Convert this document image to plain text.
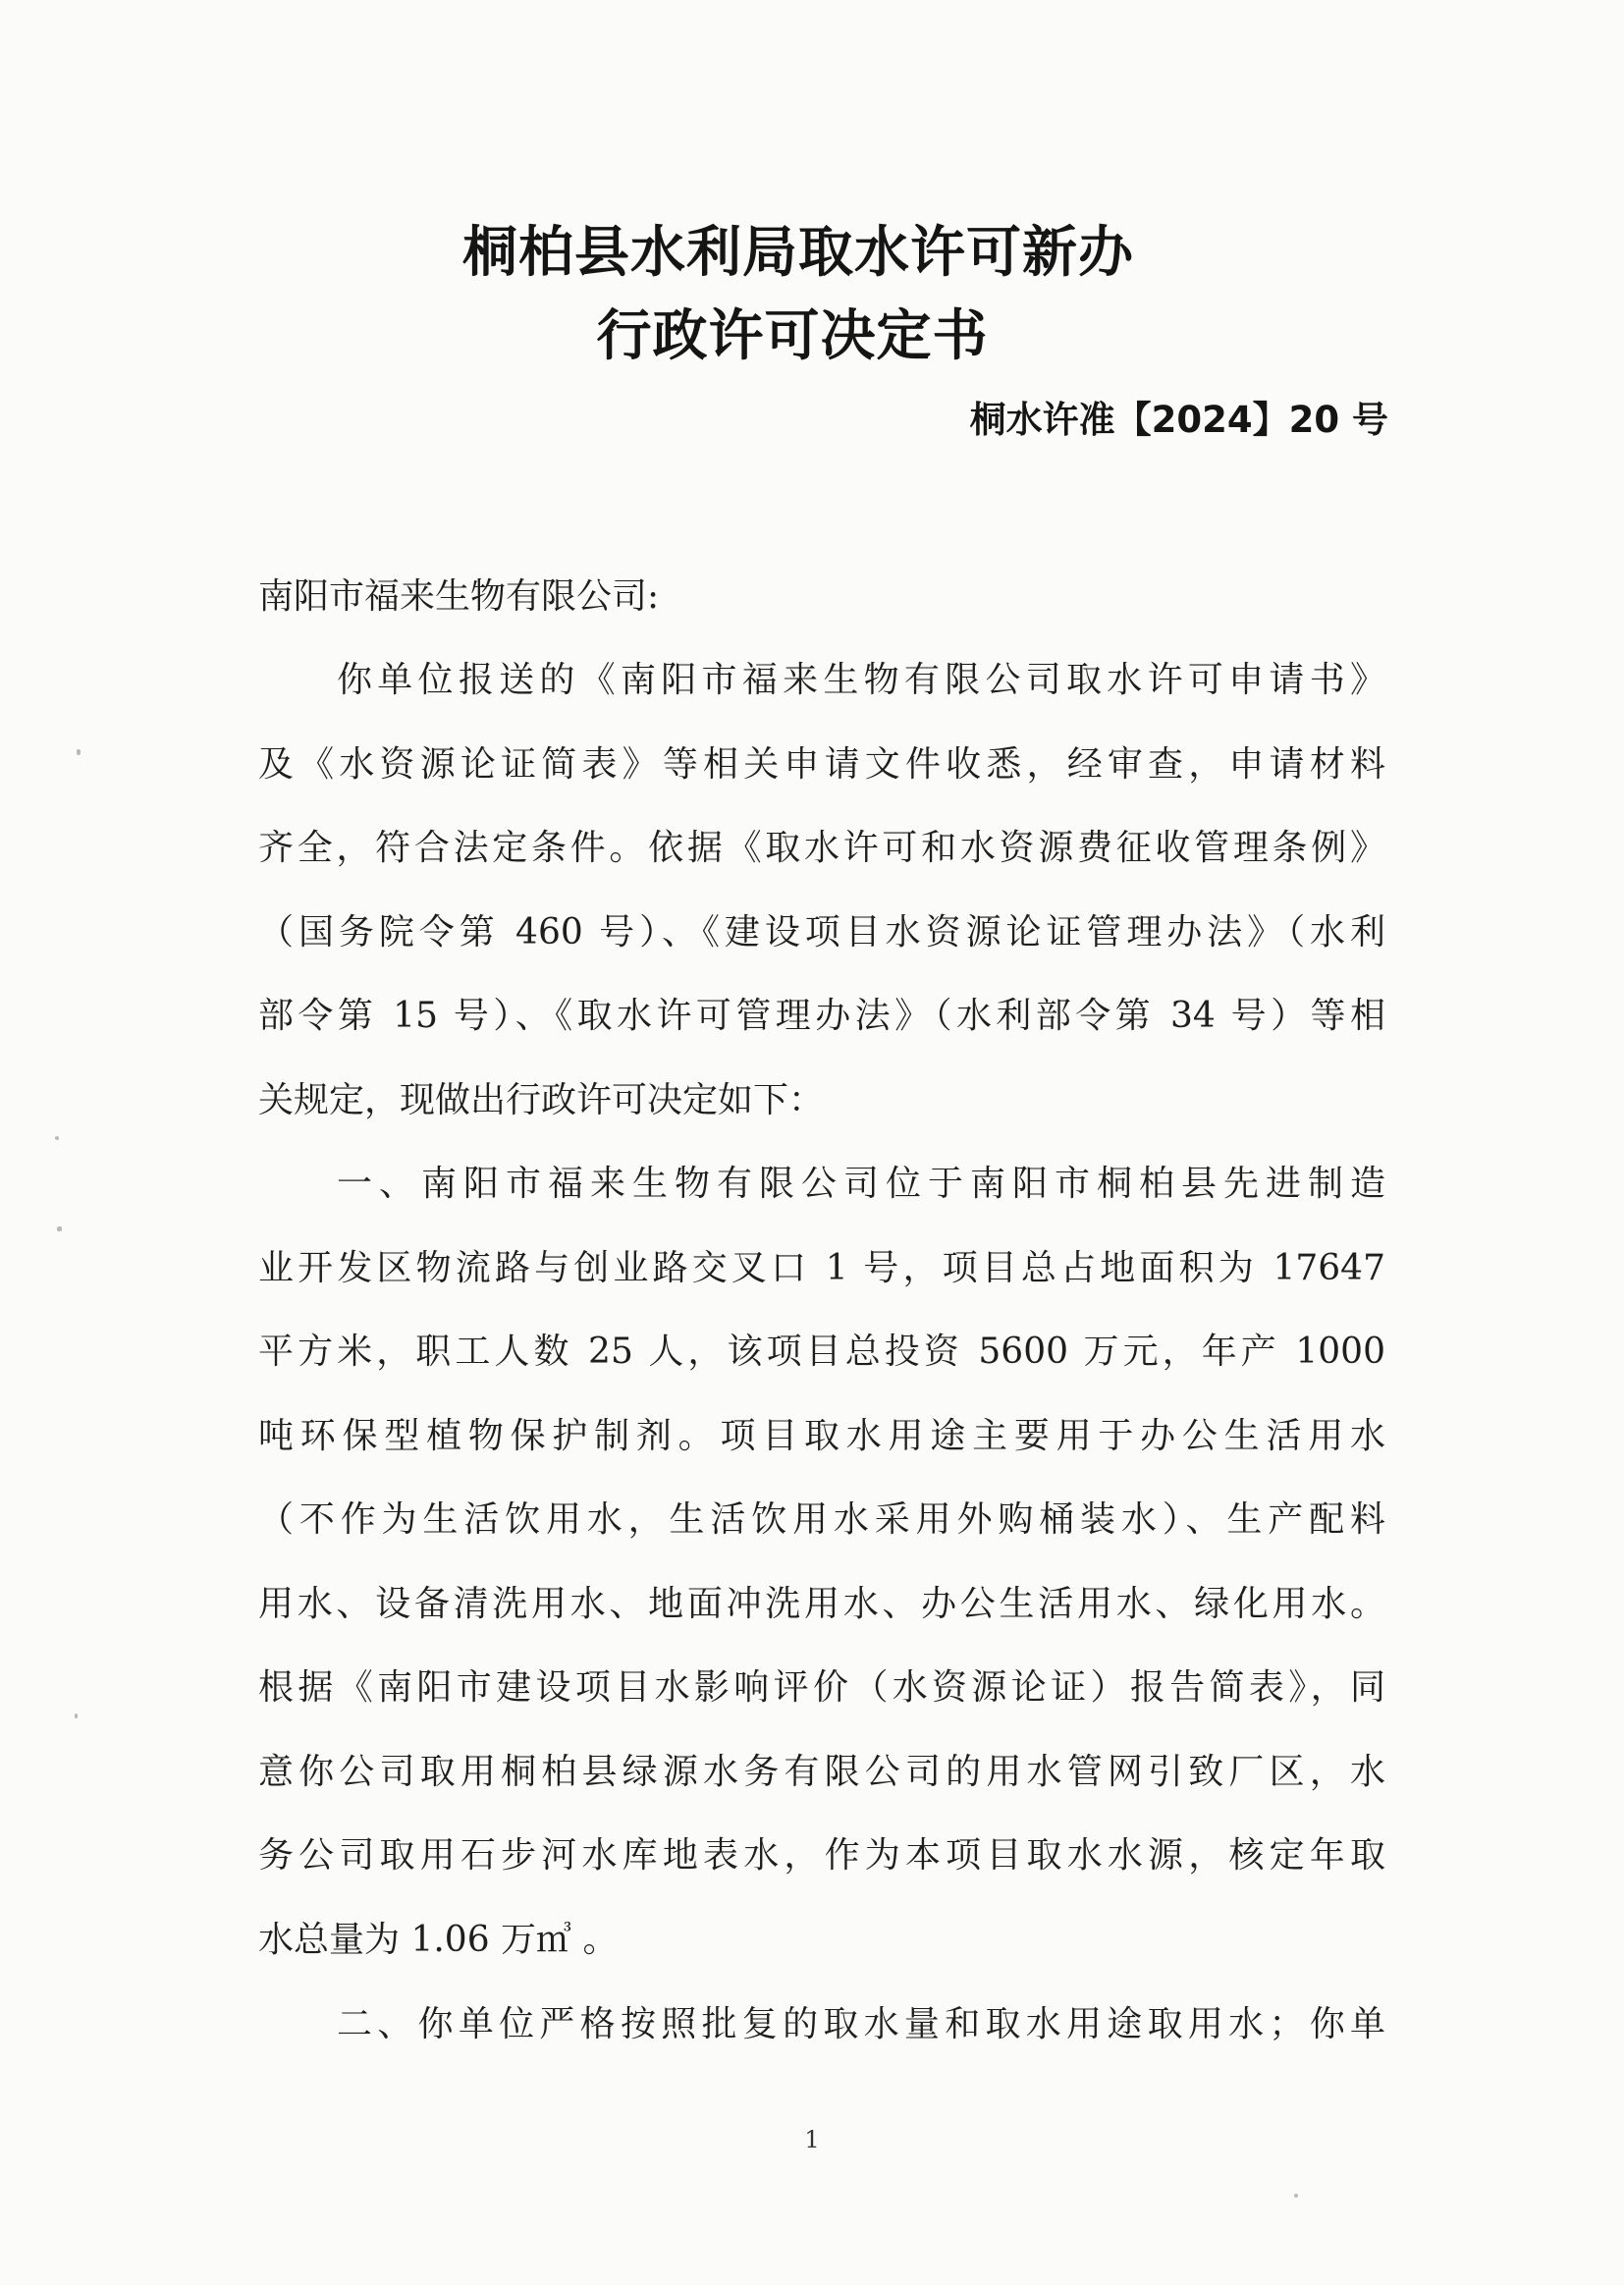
桐柏县水利局取水许可新办
行政许可决定书
桐水许准【2024】20 号
南阳市福来生物有限公司:
你单位报送的《南阳市福来生物有限公司取水许可申请书》
及《水资源论证简表》等相关申请文件收悉，经审查，申请材料
齐全，符合法定条件。依据《取水许可和水资源费征收管理条例》
（国务院令第 460 号）、《建设项目水资源论证管理办法》（水利
部令第 15 号）、《取水许可管理办法》（水利部令第 34 号）等相
关规定，现做出行政许可决定如下：
一、南阳市福来生物有限公司位于南阳市桐柏县先进制造
业开发区物流路与创业路交叉口 1 号，项目总占地面积为 17647
平方米，职工人数 25 人，该项目总投资 5600 万元，年产 1000
吨环保型植物保护制剂。项目取水用途主要用于办公生活用水
（不作为生活饮用水，生活饮用水采用外购桶装水）、生产配料
用水、设备清洗用水、地面冲洗用水、办公生活用水、绿化用水。
根据《南阳市建设项目水影响评价（水资源论证）报告简表》，同
意你公司取用桐柏县绿源水务有限公司的用水管网引致厂区，水
务公司取用石步河水库地表水，作为本项目取水水源，核定年取
水总量为 1.06 万㎥ 。
二、你单位严格按照批复的取水量和取水用途取用水；你单
1
